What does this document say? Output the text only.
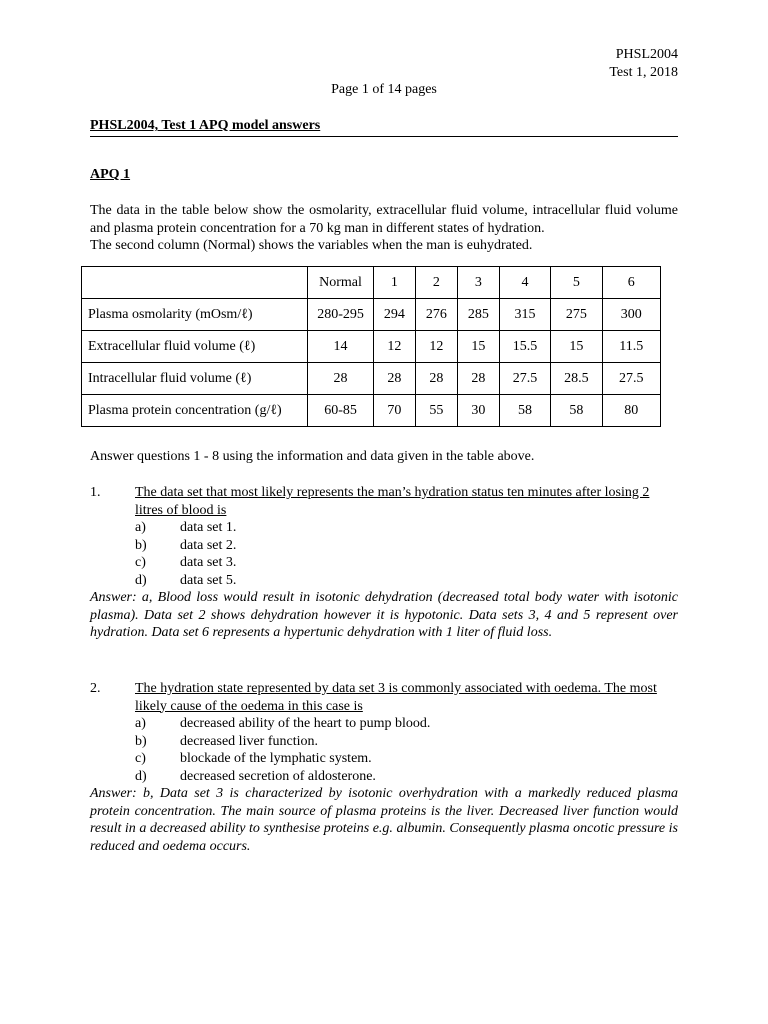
PHSL2004
Test 1, 2018
Page 1 of 14 pages
PHSL2004, Test 1 APQ model answers
APQ 1

The data in the table below show the osmolarity, extracellular fluid volume, intracellular fluid volume and plasma protein concentration for a 70 kg man in different states of hydration.

The second column (Normal) shows the variables when the man is euhydrated.

	Normal	1	2	3	4	5	6
Plasma osmolarity (mOsm/ℓ)	280-295	294	276	285	315	275	300
Extracellular fluid volume (ℓ)	14	12	12	15	15.5	15	11.5
Intracellular fluid volume (ℓ)	28	28	28	28	27.5	28.5	27.5
Plasma protein concentration (g/ℓ)	60-85	70	55	30	58	58	80
Answer questions 1 - 8 using the information and data given in the table above.
1.	The data set that most likely represents the man’s hydration status ten minutes after losing 2 litres of blood is
a)	data set 1.
b)	data set 2.
c)	data set 3.
d)	data set 5.
Answer: a, Blood loss would result in isotonic dehydration (decreased total body water with isotonic plasma). Data set 2 shows dehydration however it is hypotonic. Data sets 3, 4 and 5 represent over hydration. Data set 6 represents a hypertunic dehydration with 1 liter of fluid loss.
2.	The hydration state represented by data set 3 is commonly associated with oedema. The most likely cause of the oedema in this case is
a)	decreased ability of the heart to pump blood.
b)	decreased liver function.
c)	blockade of the lymphatic system.
d)	decreased secretion of aldosterone.
Answer: b, Data set 3 is characterized by isotonic overhydration with a markedly reduced plasma protein concentration. The main source of plasma proteins is the liver. Decreased liver function would result in a decreased ability to synthesise proteins e.g. albumin. Consequently plasma oncotic pressure is reduced and oedema occurs.
